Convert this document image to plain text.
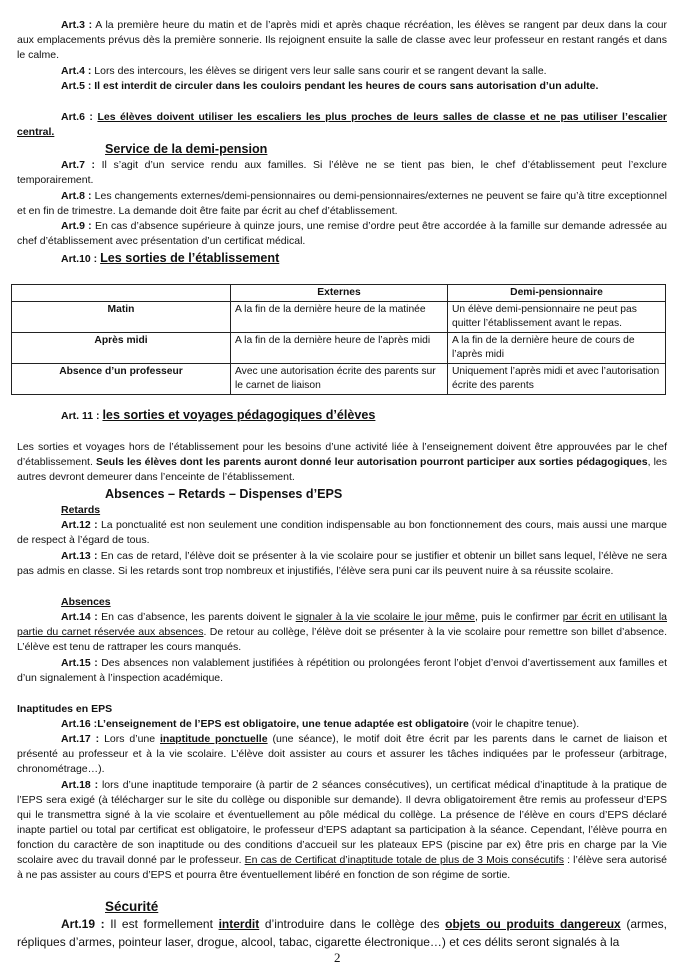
Art.3 : A la première heure du matin et de l’après midi et après chaque récréation, les élèves se rangent par deux dans la cour aux emplacements prévus dès la première sonnerie. Ils rejoignent ensuite la salle de classe avec leur professeur en restant rangés et dans le calme.

Art.4 : Lors des intercours, les élèves se dirigent vers leur salle sans courir et se rangent devant la salle.

Art.5 : Il est interdit de circuler dans les couloirs pendant les heures de cours sans autorisation d’un adulte.

Art.6 : Les élèves doivent utiliser les escaliers les plus proches de leurs salles de classe et ne pas utiliser l’escalier central.

Service de la demi-pension

Art.7 : Il s’agit d’un service rendu aux familles. Si l’élève ne se tient pas bien, le chef d’établissement peut l’exclure temporairement.

Art.8 : Les changements externes/demi-pensionnaires ou demi-pensionnaires/externes ne peuvent se faire qu’à titre exceptionnel et en fin de trimestre. La demande doit être faite par écrit au chef d’établissement.

Art.9 : En cas d’absence supérieure à quinze jours, une remise d’ordre peut être accordée à la famille sur demande adressée au chef d’établissement avec présentation d’un certificat médical.

Art.10 : Les sorties de l’établissement

	Externes	Demi-pensionnaire
Matin	A la fin de la dernière heure de la matinée	Un élève demi-pensionnaire ne peut pas quitter l’établissement avant le repas.
Après midi	A la fin de la dernière heure de l’après midi	A la fin de la dernière heure de cours de l’après midi
Absence d’un professeur	Avec une autorisation écrite des parents sur le carnet de liaison	Uniquement l’après midi et avec l’autorisation écrite des parents

Art. 11 : les sorties et voyages pédagogiques d’élèves

Les sorties et voyages hors de l’établissement pour les besoins d’une activité liée à l’enseignement doivent être approuvées par le chef d’établissement. Seuls les élèves dont les parents auront donné leur autorisation pourront participer aux sorties pédagogiques, les autres devront demeurer dans l’enceinte de l’établissement.

Absences – Retards – Dispenses d’EPS

Retards

Art.12 : La ponctualité est non seulement une condition indispensable au bon fonctionnement des cours, mais aussi une marque de respect à l’égard de tous.

Art.13 : En cas de retard, l’élève doit se présenter à la vie scolaire pour se justifier et obtenir un billet sans lequel, l’élève ne sera pas admis en classe. Si les retards sont trop nombreux et injustifiés, l’élève sera puni car ils peuvent nuire à sa réussite scolaire.

Absences

Art.14 : En cas d’absence, les parents doivent le signaler à la vie scolaire le jour même, puis le confirmer par écrit en utilisant la partie du carnet réservée aux absences. De retour au collège, l’élève doit se présenter à la vie scolaire pour remettre son billet d’absence. L’élève est tenu de rattraper les cours manqués.

Art.15 : Des absences non valablement justifiées à répétition ou prolongées feront l’objet d’envoi d’avertissement aux familles et d’un signalement à l’inspection académique.

Inaptitudes en EPS

Art.16 :L’enseignement de l’EPS est obligatoire, une tenue adaptée est obligatoire (voir le chapitre tenue).

Art.17 : Lors d’une inaptitude ponctuelle (une séance), le motif doit être écrit par les parents dans le carnet de liaison et présenté au professeur et à la vie scolaire. L’élève doit assister au cours et assurer les tâches indiquées par le professeur (arbitrage, chronométrage…).

Art.18 : lors d’une inaptitude temporaire (à partir de 2 séances consécutives), un certificat médical d’inaptitude à la pratique de l’EPS sera exigé (à télécharger sur le site du collège ou disponible sur demande). Il devra obligatoirement être remis au professeur d’EPS qui le transmettra signé à la vie scolaire et éventuellement au pôle médical du collège. La présence de l’élève en cours d’EPS déclaré inapte partiel ou total par certificat est obligatoire, le professeur d’EPS adaptant sa participation à la séance. Cependant, l’élève pourra en fonction du caractère de son inaptitude ou des conditions d’accueil sur les plateaux EPS (piscine par ex) être pris en charge par la Vie scolaire avec du travail donné par le professeur. En cas de Certificat d’inaptitude totale de plus de 3 Mois consécutifs : l’élève sera autorisé à ne pas assister au cours d’EPS et pourra être éventuellement libéré en fonction de son régime de sortie.

Sécurité

Art.19 : Il est formellement interdit d’introduire dans le collège des objets ou produits dangereux (armes, répliques d’armes, pointeur laser, drogue, alcool, tabac, cigarette électronique…) et ces délits seront signalés à la

2
